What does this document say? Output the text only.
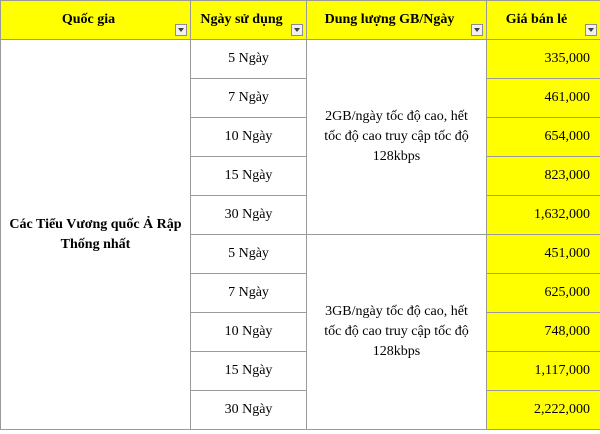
Quốc gia	Ngày sử dụng	Dung lượng GB/Ngày	Giá bán lẻ

Các Tiểu Vương quốc Ả Rập Thống nhất	5 Ngày	2GB/ngày tốc độ cao, hết tốc độ cao truy cập tốc độ 128kbps	335,000
	7 Ngày		461,000
	10 Ngày		654,000
	15 Ngày		823,000
	30 Ngày		1,632,000
	5 Ngày	3GB/ngày tốc độ cao, hết tốc độ cao truy cập tốc độ 128kbps	451,000
	7 Ngày		625,000
	10 Ngày		748,000
	15 Ngày		1,117,000
	30 Ngày		2,222,000
